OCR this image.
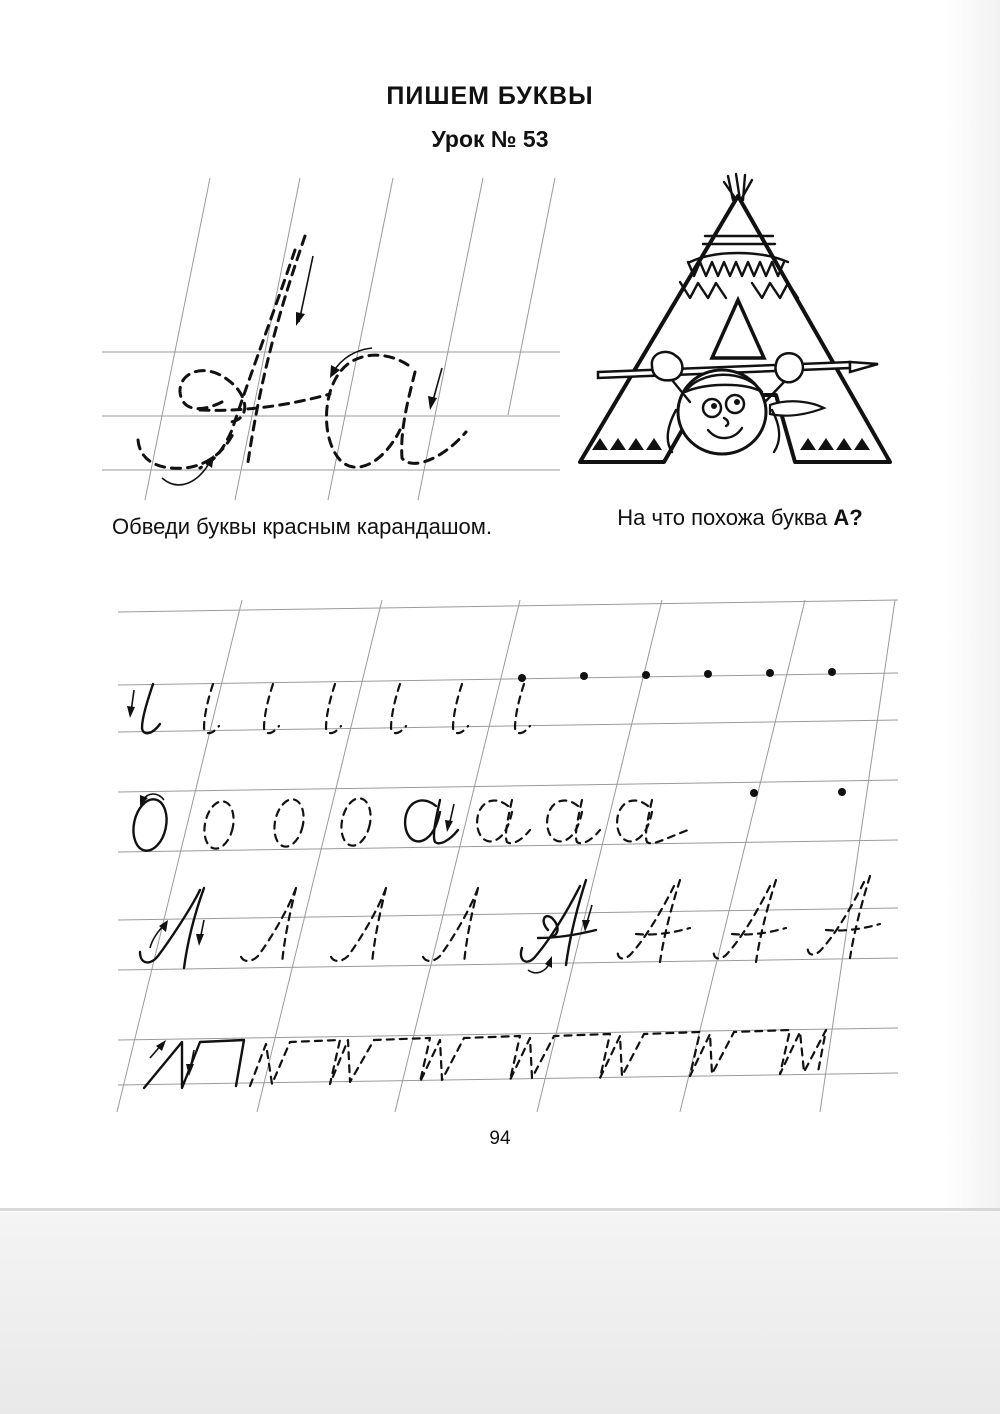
ПИШЕМ БУКВЫ
Урок № 53
Обведи буквы красным карандашом.	На что похожа буква А?
94
